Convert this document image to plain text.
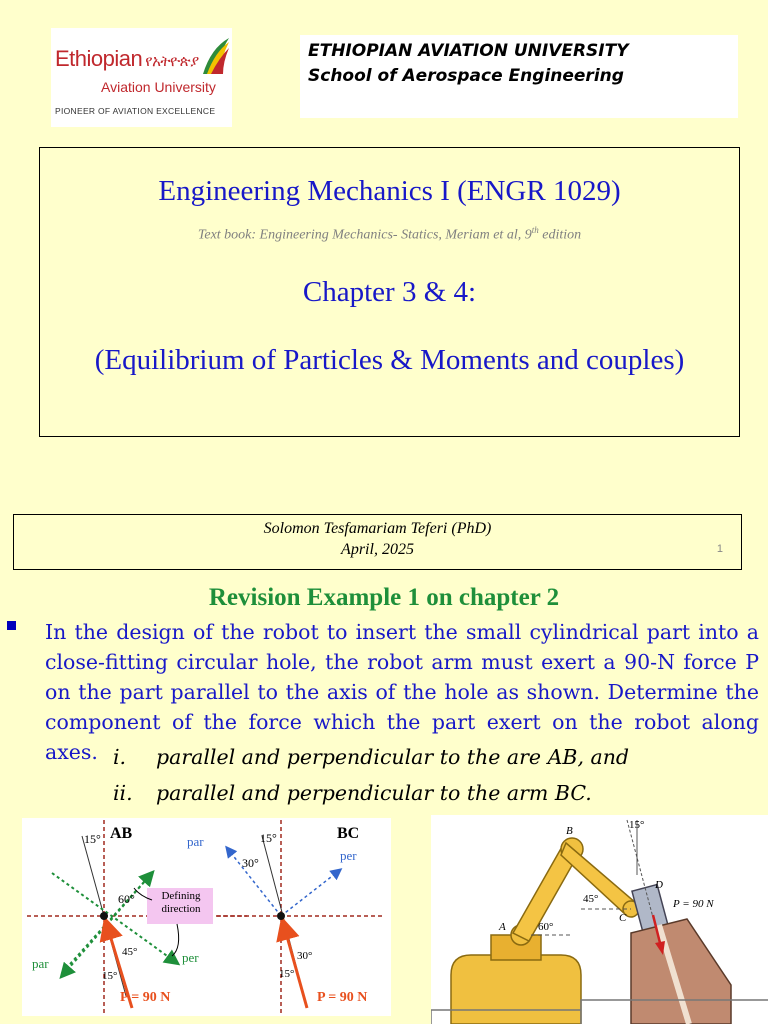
Ethiopian የአትዮጵያ
Aviation University
PIONEER OF AVIATION EXCELLENCE
ETHIOPIAN AVIATION UNIVERSITY
School of Aerospace Engineering
Engineering Mechanics I (ENGR 1029)
Text book: Engineering Mechanics- Statics, Meriam et al, 9th edition
Chapter 3 & 4:
(Equilibrium of Particles & Moments and couples)
Solomon Tesfamariam Teferi (PhD)
April, 2025	1
Revision Example 1 on chapter 2
In the design of the robot to insert the small cylindrical part into a close-fitting circular hole, the robot arm must exert a 90-N force P on the part parallel to the axis of the hole as shown. Determine the component of the force which the part exert on the robot along axes. i. parallel and perpendicular to the are AB, and
ii. parallel and perpendicular to the arm BC.
AB	BC
15°
60°
45°
15°
par
par	per
Defining
direction
15°
30°
30°
15°
per
P = 90 N	P = 90 N
B
A
C
D
15°
45°
60°
P = 90 N
